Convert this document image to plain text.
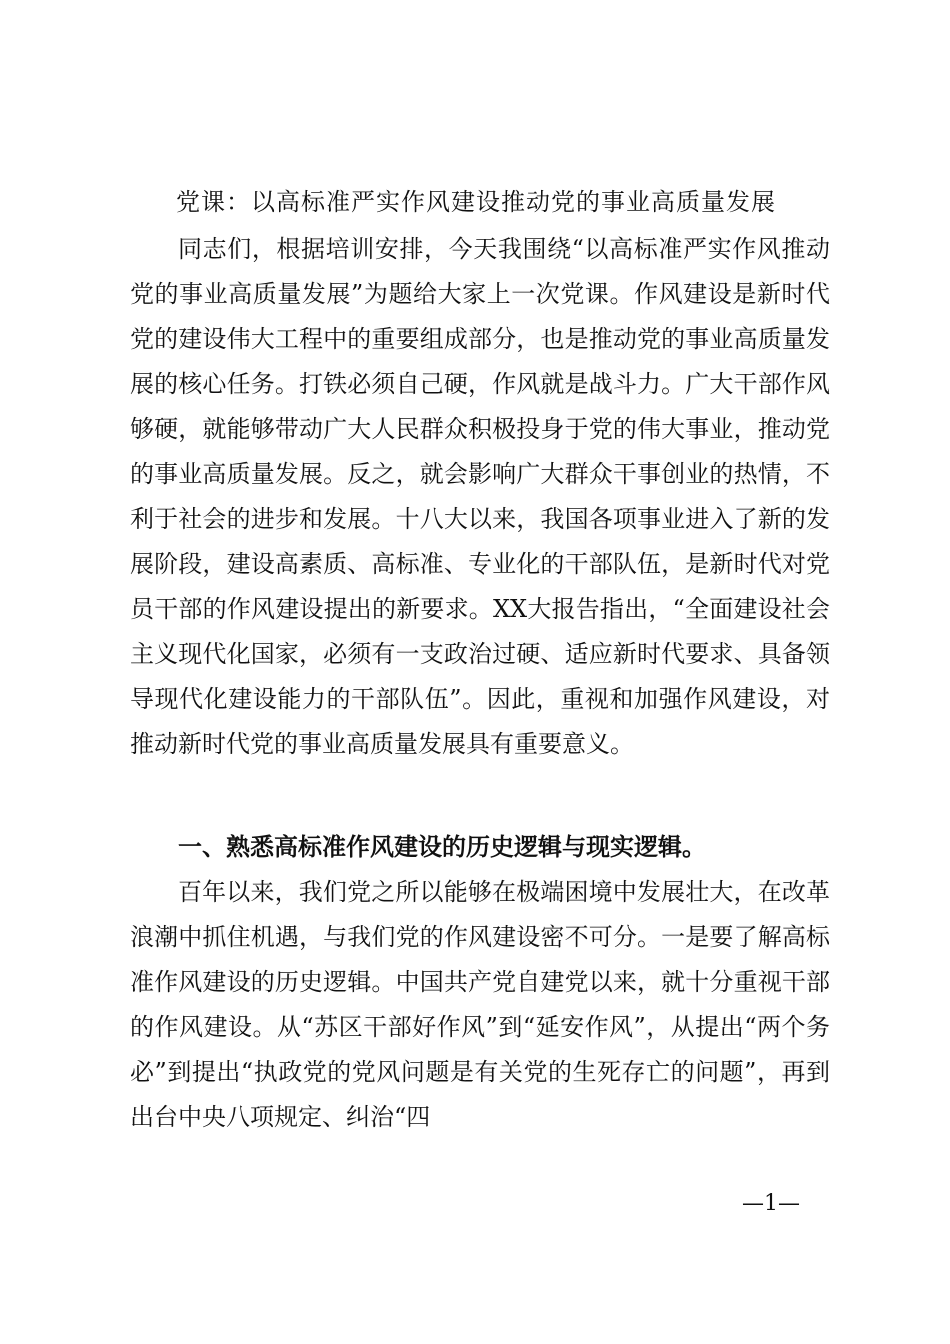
党课：以高标准严实作风建设推动党的事业高质量发展

同志们，根据培训安排，今天我围绕“以高标准严实作风推动党的事业高质量发展”为题给大家上一次党课。作风建设是新时代党的建设伟大工程中的重要组成部分，也是推动党的事业高质量发展的核心任务。打铁必须自己硬，作风就是战斗力。广大干部作风够硬，就能够带动广大人民群众积极投身于党的伟大事业，推动党的事业高质量发展。反之，就会影响广大群众干事创业的热情，不利于社会的进步和发展。十八大以来，我国各项事业进入了新的发展阶段，建设高素质、高标准、专业化的干部队伍，是新时代对党员干部的作风建设提出的新要求。XX大报告指出，“全面建设社会主义现代化国家，必须有一支政治过硬、适应新时代要求、具备领导现代化建设能力的干部队伍”。因此，重视和加强作风建设，对推动新时代党的事业高质量发展具有重要意义。

一、熟悉高标准作风建设的历史逻辑与现实逻辑。

百年以来，我们党之所以能够在极端困境中发展壮大，在改革浪潮中抓住机遇，与我们党的作风建设密不可分。一是要了解高标准作风建设的历史逻辑。中国共产党自建党以来，就十分重视干部的作风建设。从“苏区干部好作风”到“延安作风”，从提出“两个务必”到提出“执政党的党风问题是有关党的生死存亡的问题”，再到出台中央八项规定、纠治“四

—1—
